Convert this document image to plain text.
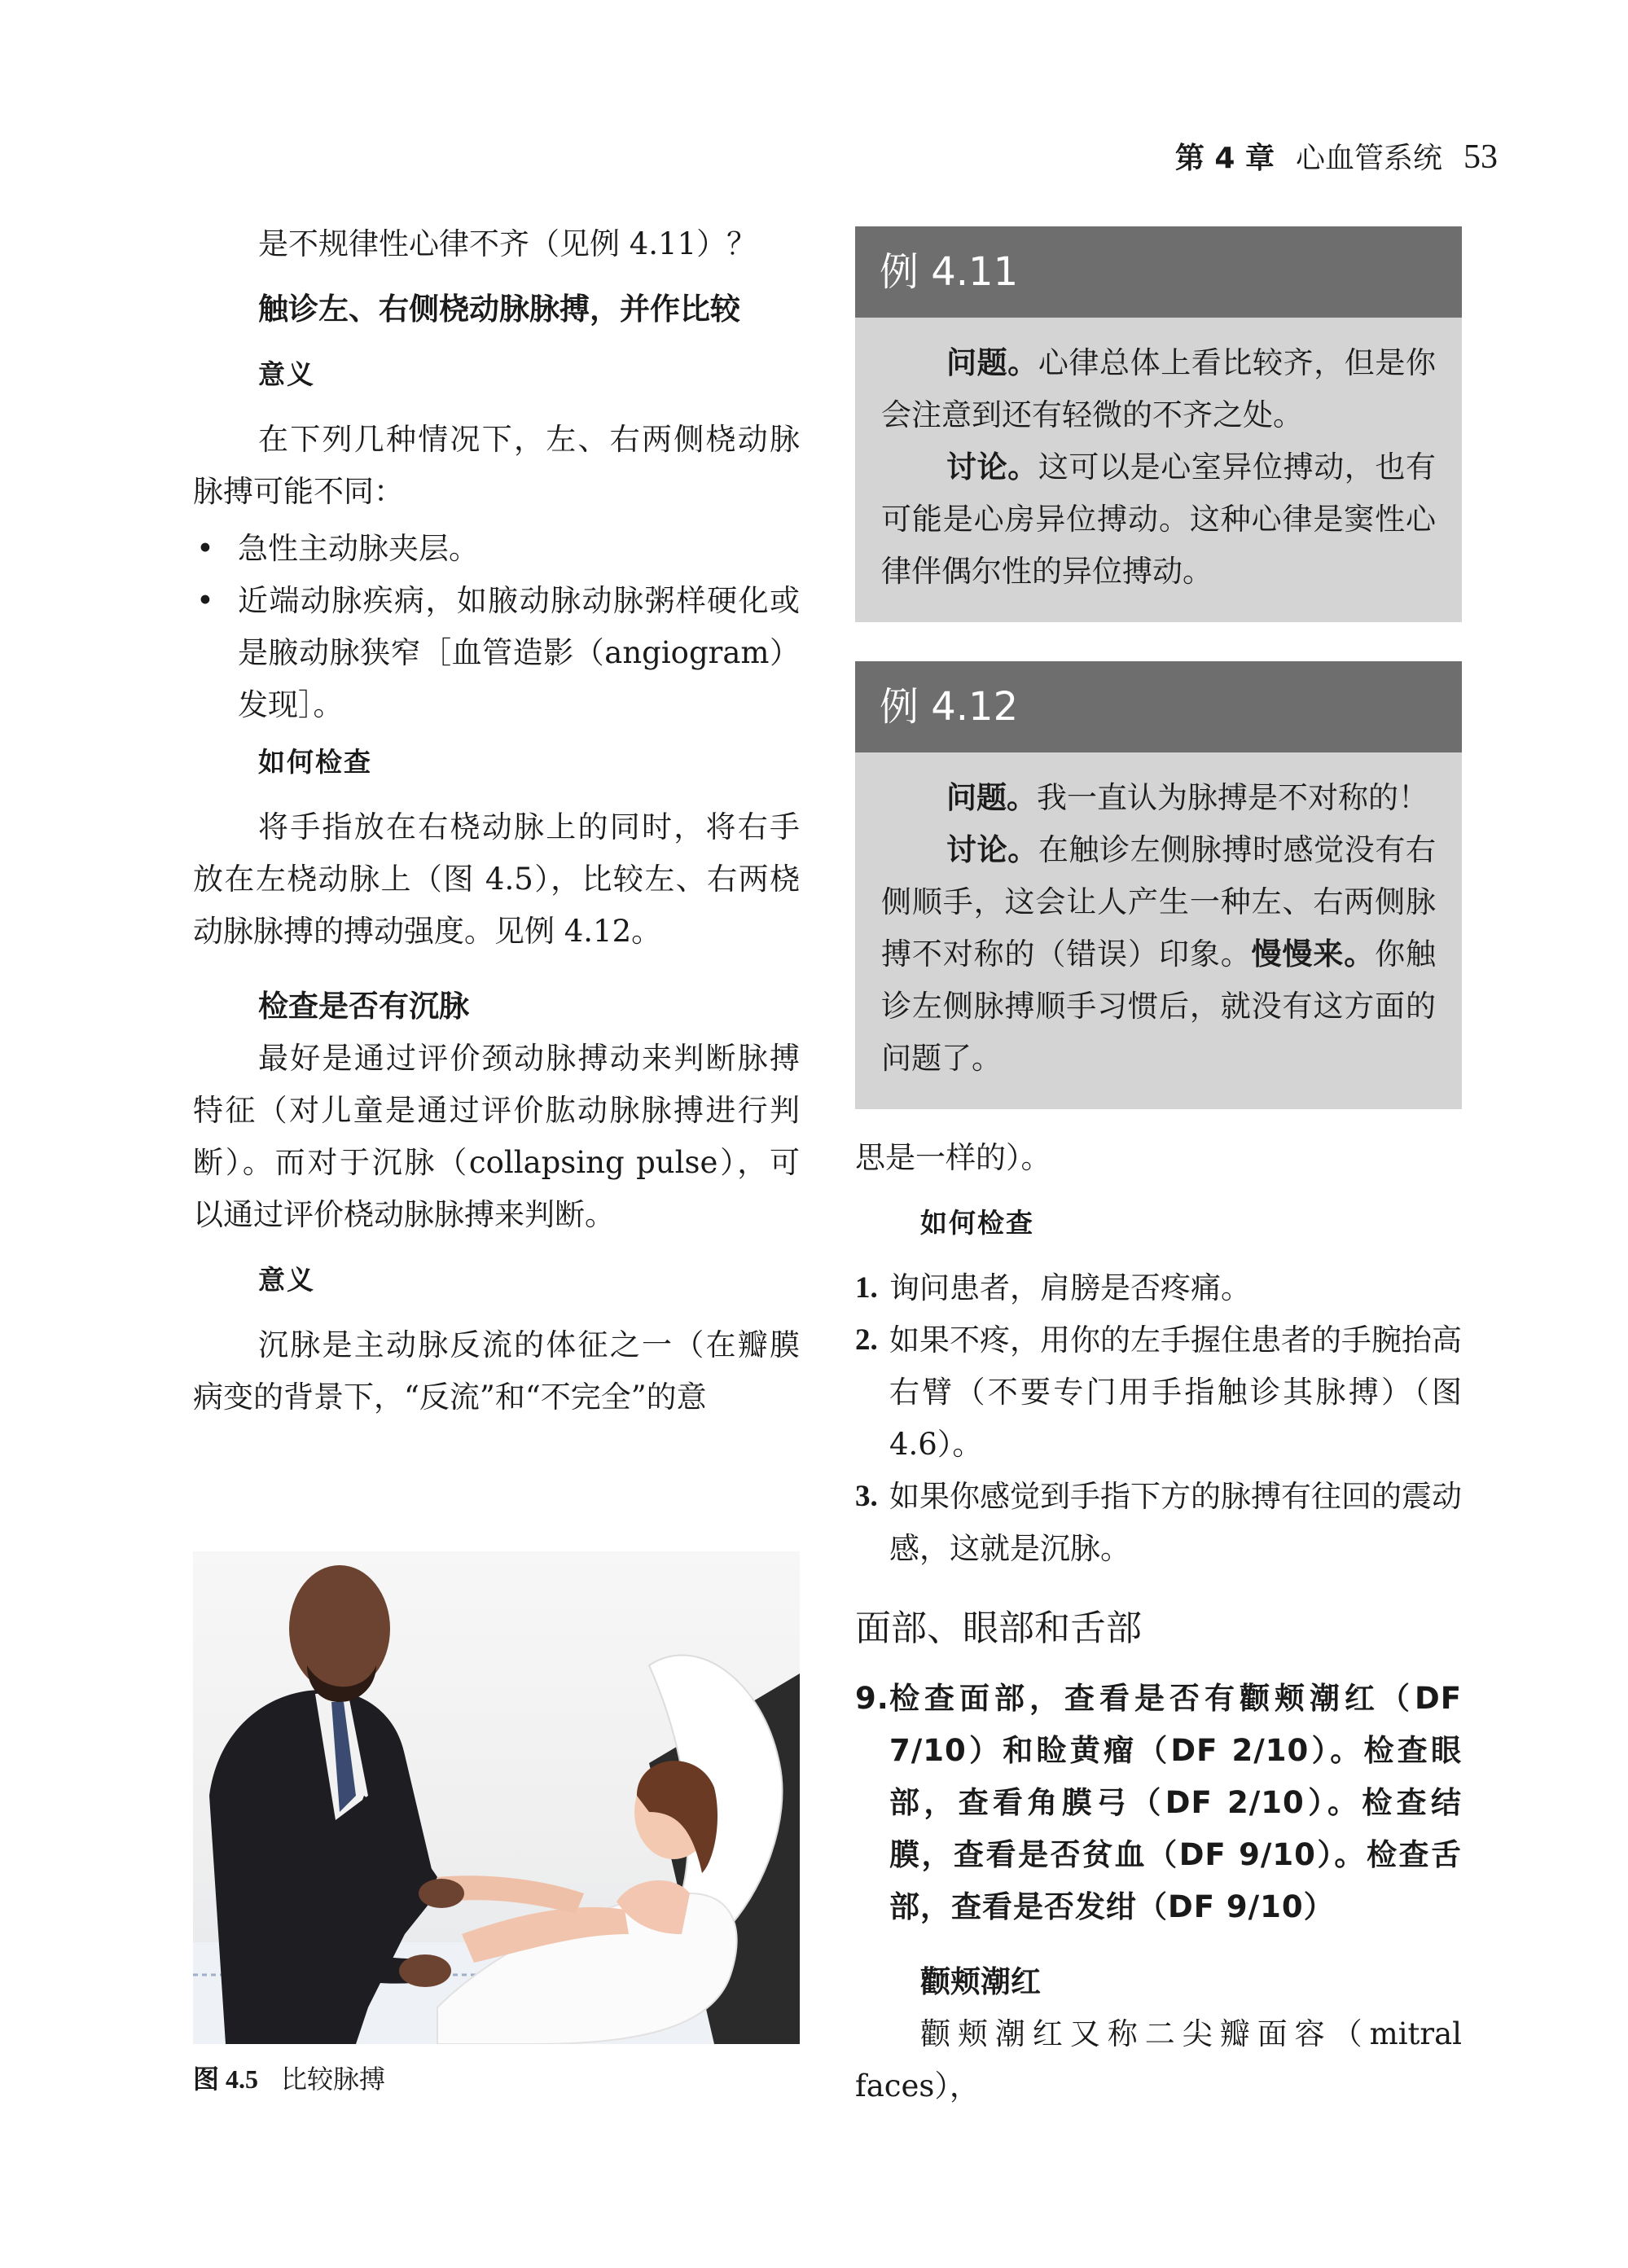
第 4 章 心血管系统 53

是不规律性心律不齐（见例 4.11）？

触诊左、右侧桡动脉脉搏，并作比较
意义

在下列几种情况下，左、右两侧桡动脉脉搏可能不同：

• 急性主动脉夹层。
• 近端动脉疾病，如腋动脉动脉粥样硬化或是腋动脉狭窄［血管造影（angiogram）发现］。
如何检查

将手指放在右桡动脉上的同时，将右手放在左桡动脉上（图 4.5），比较左、右两桡动脉脉搏的搏动强度。见例 4.12。

检查是否有沉脉

最好是通过评价颈动脉搏动来判断脉搏特征（对儿童是通过评价肱动脉脉搏进行判断）。而对于沉脉（collapsing pulse），可以通过评价桡动脉脉搏来判断。

意义

沉脉是主动脉反流的体征之一（在瓣膜病变的背景下，“反流”和“不完全”的意

图 4.5 比较脉搏
例 4.11

问题。心律总体上看比较齐，但是你会注意到还有轻微的不齐之处。

讨论。这可以是心室异位搏动，也有可能是心房异位搏动。这种心律是窦性心律伴偶尔性的异位搏动。

例 4.12

问题。我一直认为脉搏是不对称的！

讨论。在触诊左侧脉搏时感觉没有右侧顺手，这会让人产生一种左、右两侧脉搏不对称的（错误）印象。慢慢来。你触诊左侧脉搏顺手习惯后，就没有这方面的问题了。

思是一样的）。

如何检查
1. 询问患者，肩膀是否疼痛。
2. 如果不疼，用你的左手握住患者的手腕抬高右臂（不要专门用手指触诊其脉搏）（图 4.6）。
3. 如果你感觉到手指下方的脉搏有往回的震动感，这就是沉脉。
面部、眼部和舌部
9. 检查面部，查看是否有颧颊潮红（DF 7/10）和睑黄瘤（DF 2/10）。检查眼部，查看角膜弓（DF 2/10）。检查结膜，查看是否贫血（DF 9/10）。检查舌部，查看是否发绀（DF 9/10）
颧颊潮红

颧颊潮红又称二尖瓣面容（mitral faces），
